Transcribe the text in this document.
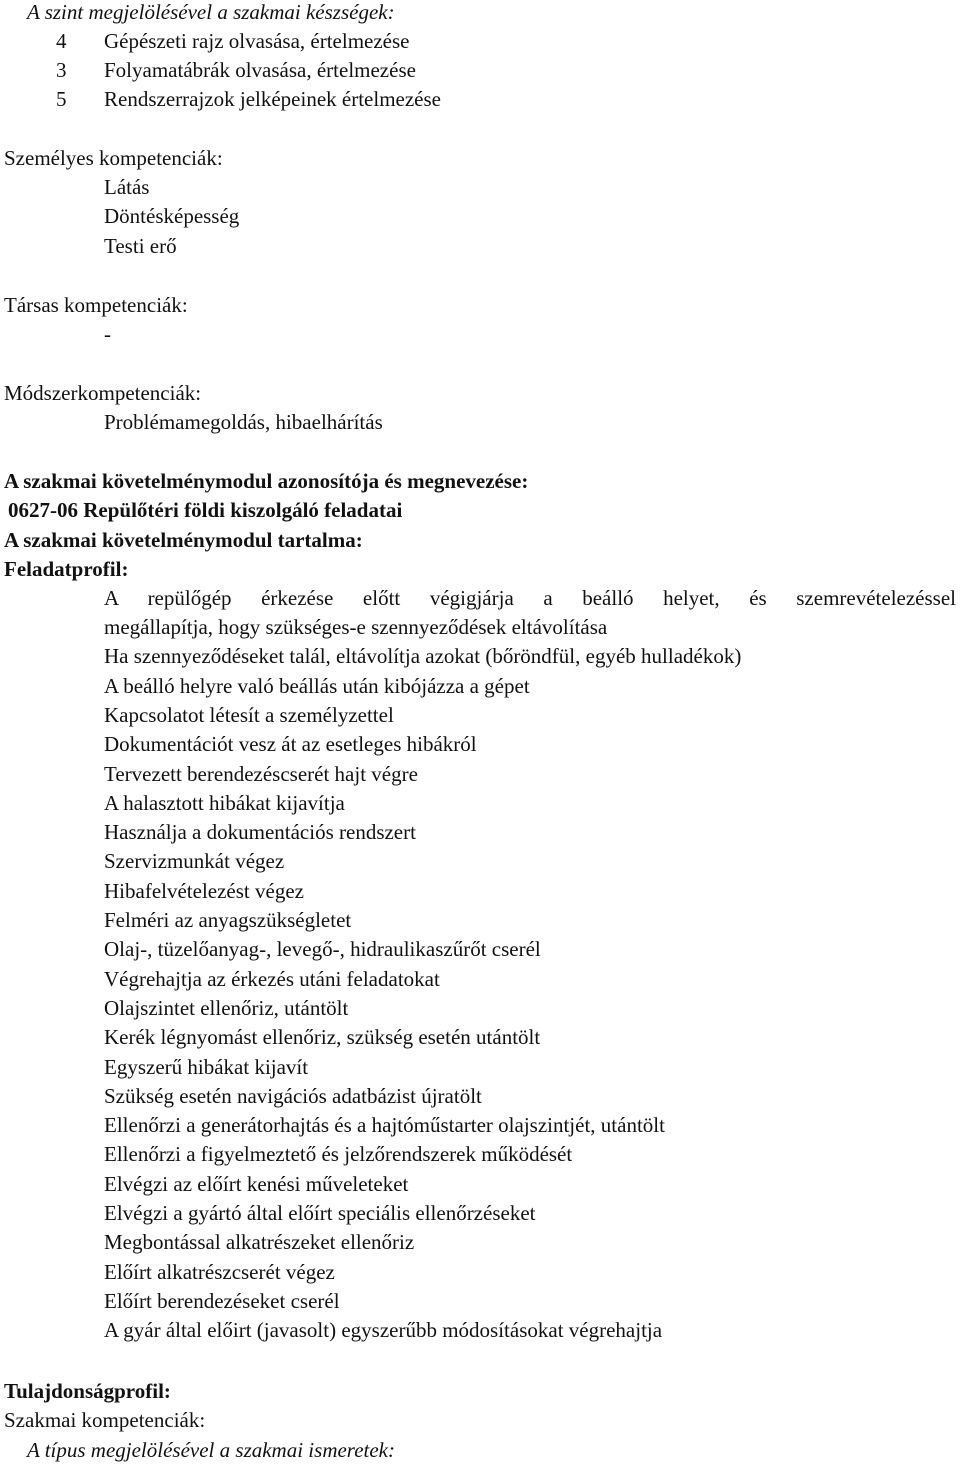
A szint megjelölésével a szakmai készségek:
4 Gépészeti rajz olvasása, értelmezése
3 Folyamatábrák olvasása, értelmezése
5 Rendszerrajzok jelképeinek értelmezése
Személyes kompetenciák:
Látás
Döntésképesség
Testi erő
Társas kompetenciák:
-
Módszerkompetenciák:
Problémamegoldás, hibaelhárítás
A szakmai követelménymodul azonosítója és megnevezése:
0627-06 Repülőtéri földi kiszolgáló feladatai
A szakmai követelménymodul tartalma:
Feladatprofil:
A repülőgép érkezése előtt végigjárja a beálló helyet, és szemrevételezéssel
megállapítja, hogy szükséges-e szennyeződések eltávolítása
Ha szennyeződéseket talál, eltávolítja azokat (bőröndfül, egyéb hulladékok)
A beálló helyre való beállás után kibójázza a gépet
Kapcsolatot létesít a személyzettel
Dokumentációt vesz át az esetleges hibákról
Tervezett berendezéscserét hajt végre
A halasztott hibákat kijavítja
Használja a dokumentációs rendszert
Szervizmunkát végez
Hibafelvételezést végez
Felméri az anyagszükségletet
Olaj-, tüzelőanyag-, levegő-, hidraulikaszűrőt cserél
Végrehajtja az érkezés utáni feladatokat
Olajszintet ellenőriz, utántölt
Kerék légnyomást ellenőriz, szükség esetén utántölt
Egyszerű hibákat kijavít
Szükség esetén navigációs adatbázist újratölt
Ellenőrzi a generátorhajtás és a hajtóműstarter olajszintjét, utántölt
Ellenőrzi a figyelmeztető és jelzőrendszerek működését
Elvégzi az előírt kenési műveleteket
Elvégzi a gyártó által előírt speciális ellenőrzéseket
Megbontással alkatrészeket ellenőriz
Előírt alkatrészcserét végez
Előírt berendezéseket cserél
A gyár által előirt (javasolt) egyszerűbb módosításokat végrehajtja
Tulajdonságprofil:
Szakmai kompetenciák:
A típus megjelölésével a szakmai ismeretek:
